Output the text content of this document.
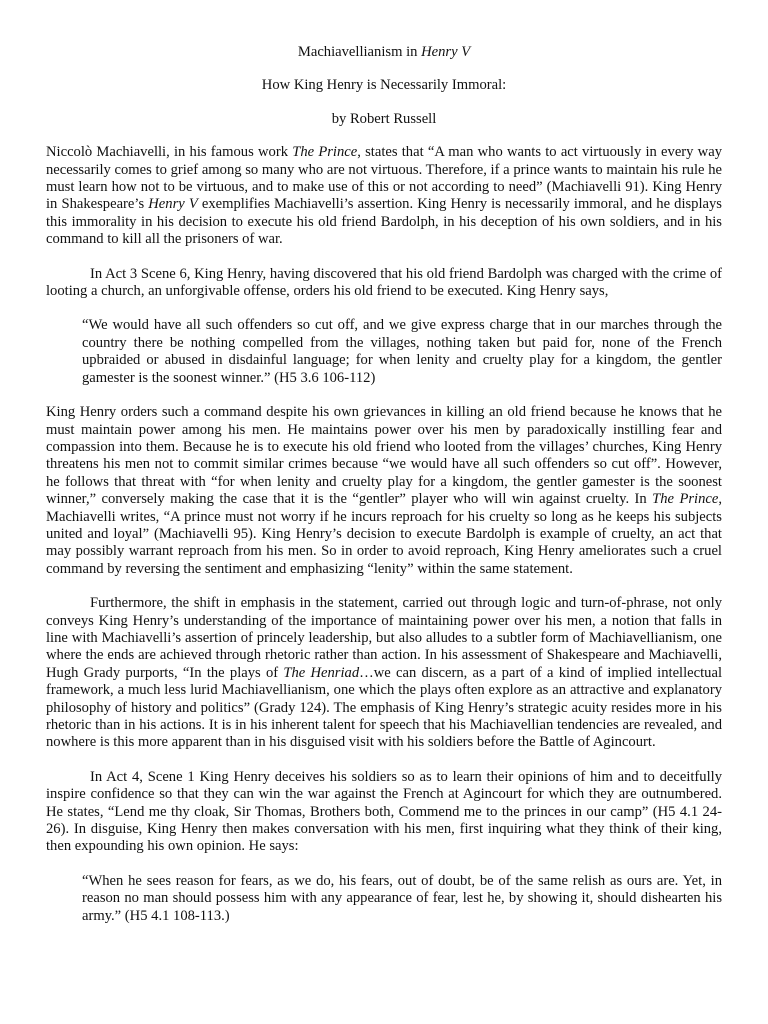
Machiavellianism in Henry V
How King Henry is Necessarily Immoral:
by Robert Russell

Niccolò Machiavelli, in his famous work The Prince, states that “A man who wants to act virtuously in every way necessarily comes to grief among so many who are not virtuous. Therefore, if a prince wants to maintain his rule he must learn how not to be virtuous, and to make use of this or not according to need” (Machiavelli 91). King Henry in Shakespeare’s Henry V exemplifies Machiavelli’s assertion. King Henry is necessarily immoral, and he displays this immorality in his decision to execute his old friend Bardolph, in his deception of his own soldiers, and in his command to kill all the prisoners of war.

In Act 3 Scene 6, King Henry, having discovered that his old friend Bardolph was charged with the crime of looting a church, an unforgivable offense, orders his old friend to be executed. King Henry says,

“We would have all such offenders so cut off, and we give express charge that in our marches through the country there be nothing compelled from the villages, nothing taken but paid for, none of the French upbraided or abused in disdainful language; for when lenity and cruelty play for a kingdom, the gentler gamester is the soonest winner.” (H5 3.6 106-112)

King Henry orders such a command despite his own grievances in killing an old friend because he knows that he must maintain power among his men. He maintains power over his men by paradoxically instilling fear and compassion into them. Because he is to execute his old friend who looted from the villages’ churches, King Henry threatens his men not to commit similar crimes because “we would have all such offenders so cut off”. However, he follows that threat with “for when lenity and cruelty play for a kingdom, the gentler gamester is the soonest winner,” conversely making the case that it is the “gentler” player who will win against cruelty. In The Prince, Machiavelli writes, “A prince must not worry if he incurs reproach for his cruelty so long as he keeps his subjects united and loyal” (Machiavelli 95). King Henry’s decision to execute Bardolph is example of cruelty, an act that may possibly warrant reproach from his men. So in order to avoid reproach, King Henry ameliorates such a cruel command by reversing the sentiment and emphasizing “lenity” within the same statement.

Furthermore, the shift in emphasis in the statement, carried out through logic and turn-of-phrase, not only conveys King Henry’s understanding of the importance of maintaining power over his men, a notion that falls in line with Machiavelli’s assertion of princely leadership, but also alludes to a subtler form of Machiavellianism, one where the ends are achieved through rhetoric rather than action. In his assessment of Shakespeare and Machiavelli, Hugh Grady purports, “In the plays of The Henriad…we can discern, as a part of a kind of implied intellectual framework, a much less lurid Machiavellianism, one which the plays often explore as an attractive and explanatory philosophy of history and politics” (Grady 124). The emphasis of King Henry’s strategic acuity resides more in his rhetoric than in his actions. It is in his inherent talent for speech that his Machiavellian tendencies are revealed, and nowhere is this more apparent than in his disguised visit with his soldiers before the Battle of Agincourt.

In Act 4, Scene 1 King Henry deceives his soldiers so as to learn their opinions of him and to deceitfully inspire confidence so that they can win the war against the French at Agincourt for which they are outnumbered. He states, “Lend me thy cloak, Sir Thomas, Brothers both, Commend me to the princes in our camp” (H5 4.1 24-26). In disguise, King Henry then makes conversation with his men, first inquiring what they think of their king, then expounding his own opinion. He says:

“When he sees reason for fears, as we do, his fears, out of doubt, be of the same relish as ours are. Yet, in reason no man should possess him with any appearance of fear, lest he, by showing it, should dishearten his army.” (H5 4.1 108-113.)
